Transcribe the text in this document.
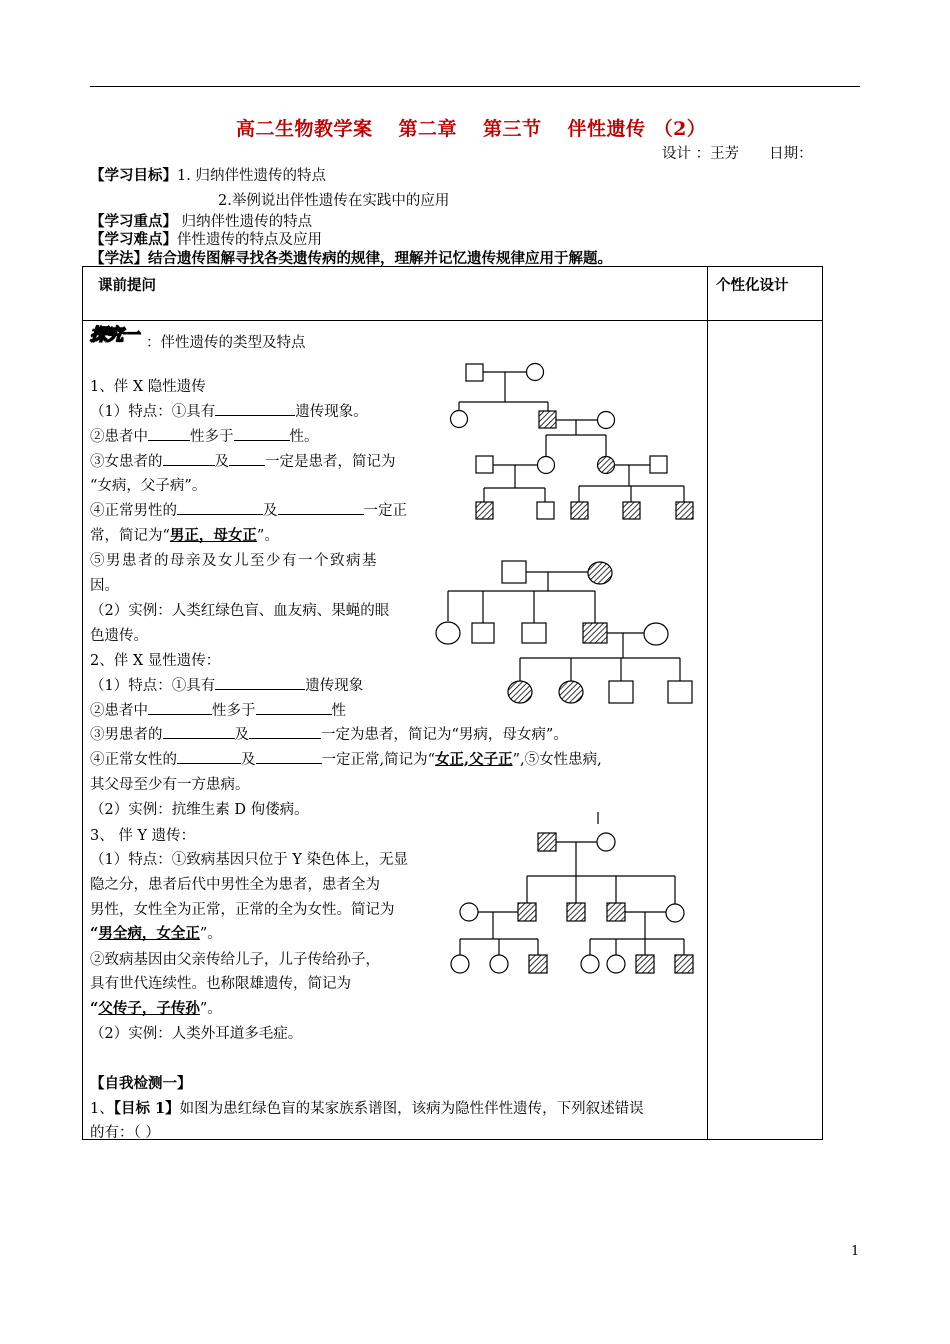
高二生物教学案 第二章 第三节 伴性遗传 （2）
设计 ：王芳 日期：
【学习目标】1. 归纳伴性遗传的特点
2.举例说出伴性遗传在实践中的应用
【学习重点】 归纳伴性遗传的特点
【学习难点】伴性遗传的特点及应用
【学法】结合遗传图解寻找各类遗传病的规律，理解并记忆遗传规律应用于解题。
课前提问	个性化设计
探究一 ：伴性遗传的类型及特点
1、伴 X 隐性遗传
（1）特点：①具有	遗传现象。
②患者中	性多于	性。
③女患者的	及 一定是患者，简记为
“女病，父子病”。
④正常男性的	及	一定正
常，简记为“男正，母女正”。
⑤男患者的母亲及女儿至少有一个致病基
因。
（2）实例：人类红绿色盲、血友病、果蝇的眼
色遗传。
2、伴 X 显性遗传：
（1）特点：①具有	遗传现象
②患者中	性多于	性
③男患者的	及	一定为患者，简记为“男病，母女病”。
④正常女性的	及	一定正常,简记为“女正,父子正”,⑤女性患病,
其父母至少有一方患病。
（2）实例：抗维生素 D 佝偻病。
3、 伴 Y 遗传：
（1）特点：①致病基因只位于 Y 染色体上，无显
隐之分，患者后代中男性全为患者，患者全为
男性，女性全为正常，正常的全为女性。简记为
“男全病，女全正”。
②致病基因由父亲传给儿子，儿子传给孙子，
具有世代连续性。也称限雄遗传，简记为
“父传子，子传孙”。
（2）实例：人类外耳道多毛症。
【自我检测一】
1、【目标 1】如图为患红绿色盲的某家族系谱图，该病为隐性伴性遗传，下列叙述错误
的有：（ ）
1
